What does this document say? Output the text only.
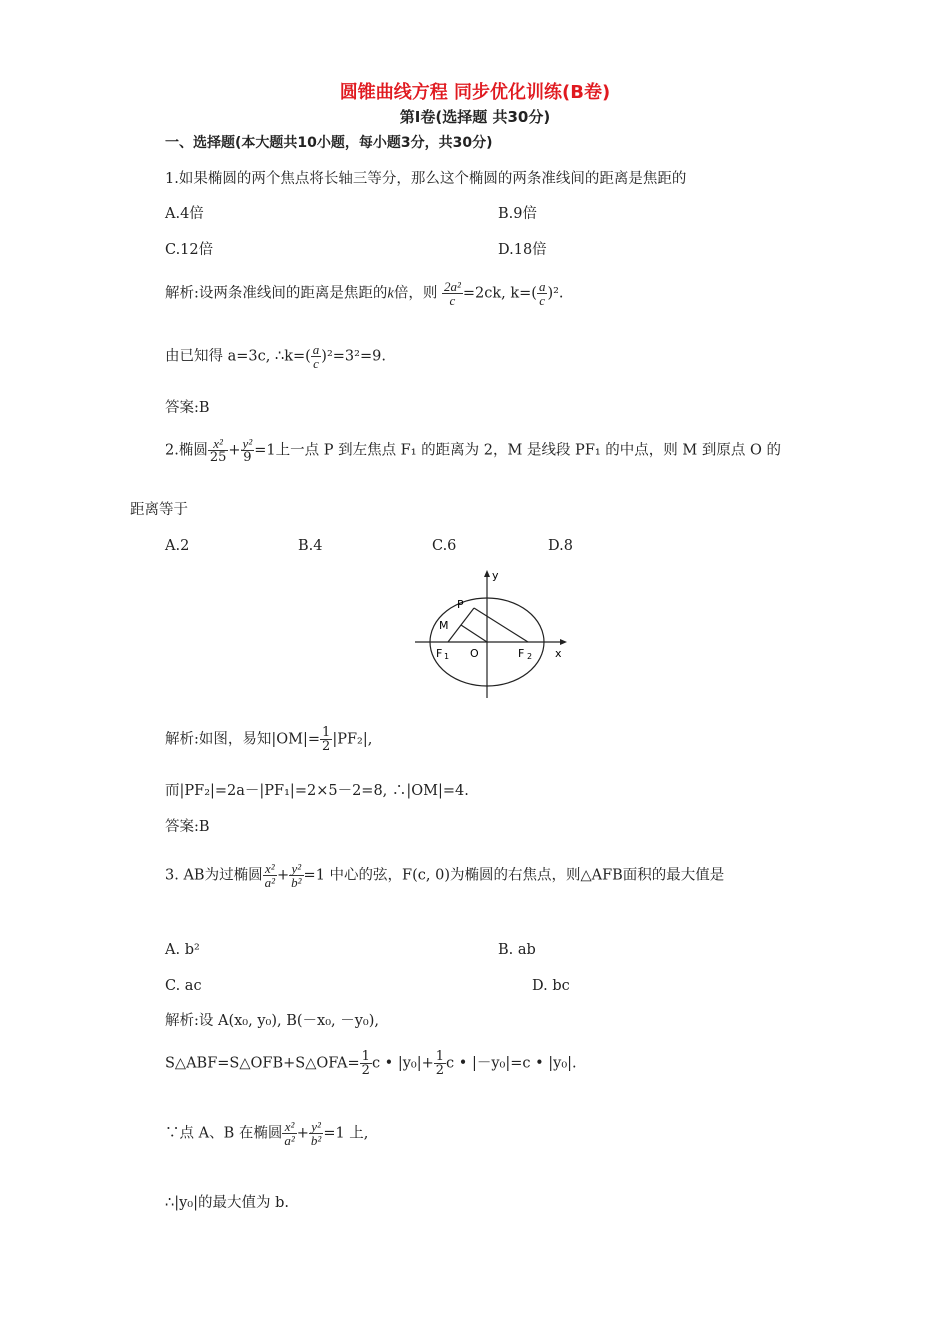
圆锥曲线方程 同步优化训练(B卷)
第Ⅰ卷(选择题 共30分)
一、选择题(本大题共10小题，每小题3分，共30分)
1.如果椭圆的两个焦点将长轴三等分，那么这个椭圆的两条准线间的距离是焦距的
A.4倍	B.9倍
C.12倍	D.18倍
解析:设两条准线间的距离是焦距的k倍，则 $\frac{\text{2a²}}{c} =2ck$, $k=( \frac{a}{c} )^2$.
由已知得 a=3c, ∴k=( $\frac{a}{c} )^2=3^2=9$.
答案:B
2.椭圆 $\frac{\text{x²}}{25} + \frac{\text{y²}}{9} =1$上一点 P 到左焦点 F₁ 的距离为 2，M 是线段 PF₁ 的中点，则 M 到原点 O 的
距离等于
A.2	B.4	C.6	D.8
y
x
P
M
O
F 1	F 2
解析:如图，易知$|OM|= \frac{1}{2} |PF_2|$,
而|PF₂|=2a－|PF₁|=2×5－2=8, ∴|OM|=4.
答案:B
3. AB为过椭圆 $\frac{\text{x²}}{\text{a²}} + \frac{\text{y²}}{\text{b²}} =1$ 中心的弦，F(c, 0)为椭圆的右焦点，则△AFB面积的最大值是
A. b²	B. ab
C. ac	D. bc
解析:设 A(x₀, y₀), B(－x₀, －y₀),
S△ABF=S△OFB+S△OFA= $\frac{1}{2}$ c • $|y_0|+ \frac{1}{2}$ c • |－y₀|=c • |y₀|.
∵点 A、B 在椭圆 $\frac{\text{x²}}{\text{a²}} + \frac{\text{y²}}{\text{b²}} =1$ 上,
∴|y₀|的最大值为 b.
